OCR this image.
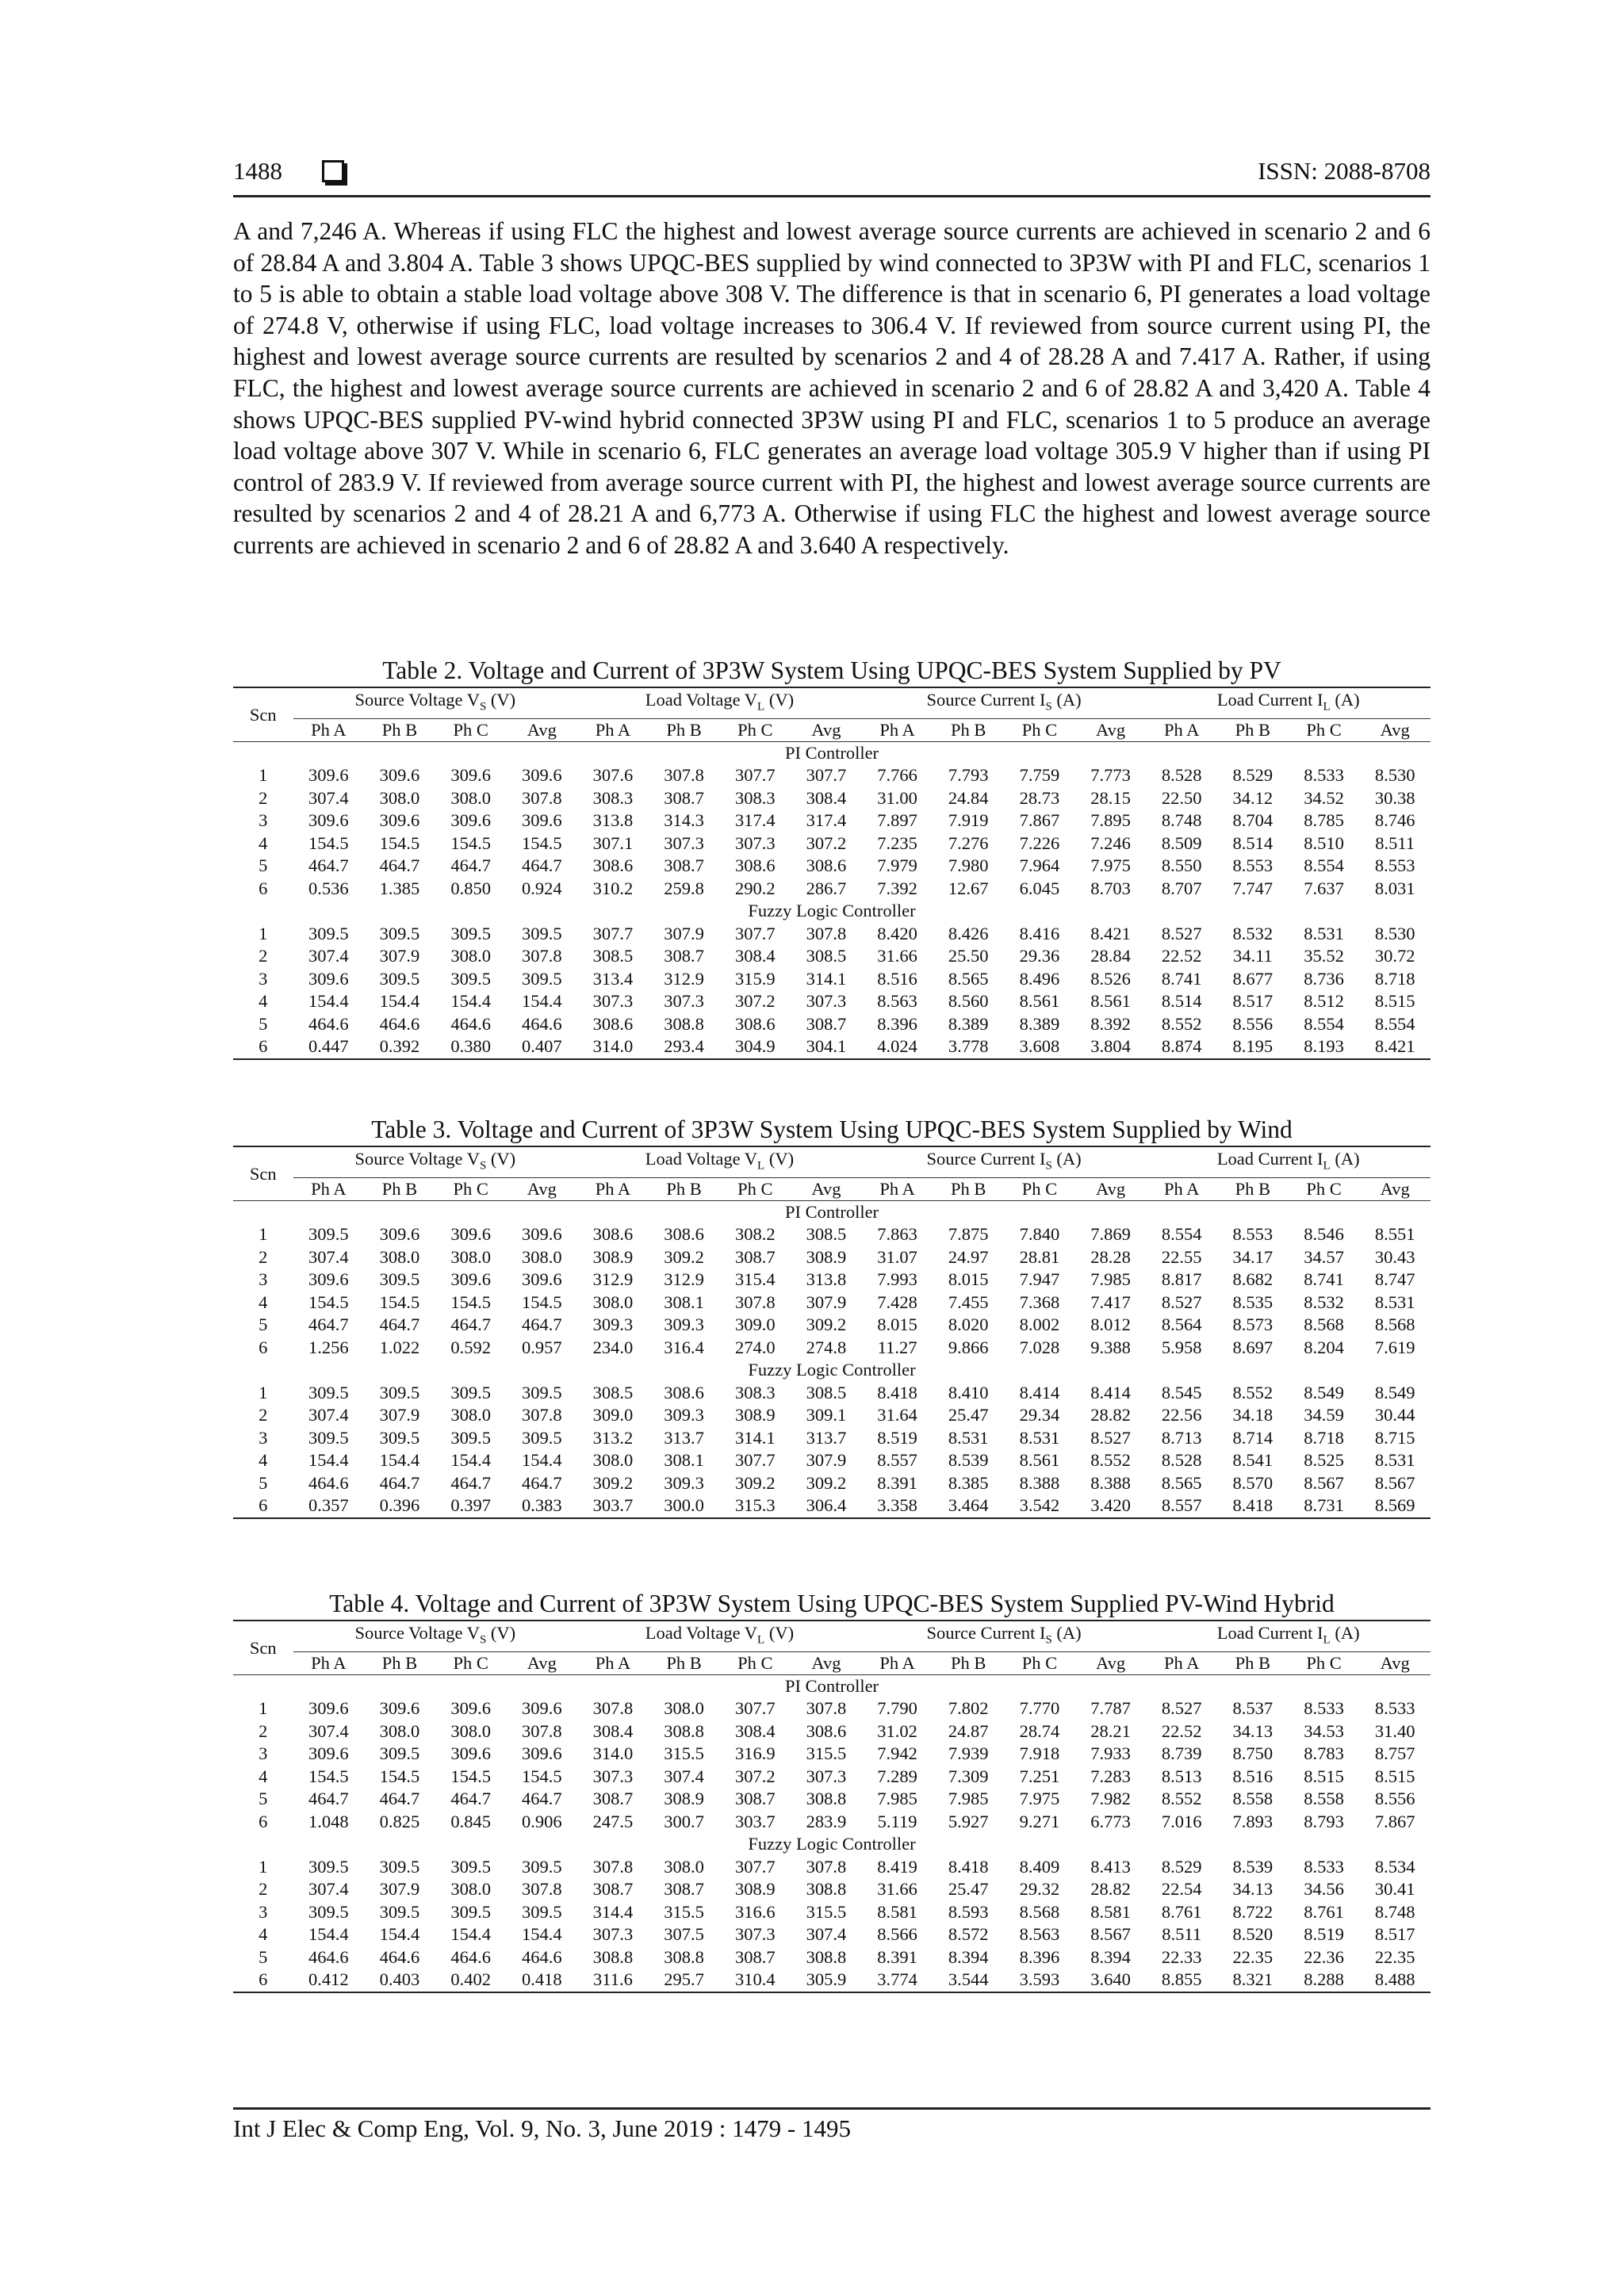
1488	ISSN: 2088-8708

A and 7,246 A. Whereas if using FLC the highest and lowest average source currents are achieved in scenario 2 and 6 of 28.84 A and 3.804 A. Table 3 shows UPQC-BES supplied by wind connected to 3P3W with PI and FLC, scenarios 1 to 5 is able to obtain a stable load voltage above 308 V. The difference is that in scenario 6, PI generates a load voltage of 274.8 V, otherwise if using FLC, load voltage increases to 306.4 V. If reviewed from source current using PI, the highest and lowest average source currents are resulted by scenarios 2 and 4 of 28.28 A and 7.417 A. Rather, if using FLC, the highest and lowest average source currents are achieved in scenario 2 and 6 of 28.82 A and 3,420 A. Table 4 shows UPQC-BES supplied PV-wind hybrid connected 3P3W using PI and FLC, scenarios 1 to 5 produce an average load voltage above 307 V. While in scenario 6, FLC generates an average load voltage 305.9 V higher than if using PI control of 283.9 V. If reviewed from average source current with PI, the highest and lowest average source currents are resulted by scenarios 2 and 4 of 28.21 A and 6,773 A. Otherwise if using FLC the highest and lowest average source currents are achieved in scenario 2 and 6 of 28.82 A and 3.640 A respectively.

Table 2. Voltage and Current of 3P3W System Using UPQC-BES System Supplied by PV

Scn	Source Voltage $V_S$ (V)				Load Voltage $V_L$ (V)				Source Current $I_S$ (A)				Load Current $I_L$ (A)			
	Ph A	Ph B	Ph C	Avg	Ph A	Ph B	Ph C	Avg	Ph A	Ph B	Ph C	Avg	Ph A	Ph B	Ph C	Avg
PI Controller																
1	309.6	309.6	309.6	309.6	307.6	307.8	307.7	307.7	7.766	7.793	7.759	7.773	8.528	8.529	8.533	8.530
2	307.4	308.0	308.0	307.8	308.3	308.7	308.3	308.4	31.00	24.84	28.73	28.15	22.50	34.12	34.52	30.38
3	309.6	309.6	309.6	309.6	313.8	314.3	317.4	317.4	7.897	7.919	7.867	7.895	8.748	8.704	8.785	8.746
4	154.5	154.5	154.5	154.5	307.1	307.3	307.3	307.2	7.235	7.276	7.226	7.246	8.509	8.514	8.510	8.511
5	464.7	464.7	464.7	464.7	308.6	308.7	308.6	308.6	7.979	7.980	7.964	7.975	8.550	8.553	8.554	8.553
6	0.536	1.385	0.850	0.924	310.2	259.8	290.2	286.7	7.392	12.67	6.045	8.703	8.707	7.747	7.637	8.031
Fuzzy Logic Controller																
1	309.5	309.5	309.5	309.5	307.7	307.9	307.7	307.8	8.420	8.426	8.416	8.421	8.527	8.532	8.531	8.530
2	307.4	307.9	308.0	307.8	308.5	308.7	308.4	308.5	31.66	25.50	29.36	28.84	22.52	34.11	35.52	30.72
3	309.6	309.5	309.5	309.5	313.4	312.9	315.9	314.1	8.516	8.565	8.496	8.526	8.741	8.677	8.736	8.718
4	154.4	154.4	154.4	154.4	307.3	307.3	307.2	307.3	8.563	8.560	8.561	8.561	8.514	8.517	8.512	8.515
5	464.6	464.6	464.6	464.6	308.6	308.8	308.6	308.7	8.396	8.389	8.389	8.392	8.552	8.556	8.554	8.554
6	0.447	0.392	0.380	0.407	314.0	293.4	304.9	304.1	4.024	3.778	3.608	3.804	8.874	8.195	8.193	8.421

Table 3. Voltage and Current of 3P3W System Using UPQC-BES System Supplied by Wind

Scn	Source Voltage $V_S$ (V)				Load Voltage $V_L$ (V)				Source Current $I_S$ (A)				Load Current $I_L$ (A)			
	Ph A	Ph B	Ph C	Avg	Ph A	Ph B	Ph C	Avg	Ph A	Ph B	Ph C	Avg	Ph A	Ph B	Ph C	Avg
PI Controller																
1	309.5	309.6	309.6	309.6	308.6	308.6	308.2	308.5	7.863	7.875	7.840	7.869	8.554	8.553	8.546	8.551
2	307.4	308.0	308.0	308.0	308.9	309.2	308.7	308.9	31.07	24.97	28.81	28.28	22.55	34.17	34.57	30.43
3	309.6	309.5	309.6	309.6	312.9	312.9	315.4	313.8	7.993	8.015	7.947	7.985	8.817	8.682	8.741	8.747
4	154.5	154.5	154.5	154.5	308.0	308.1	307.8	307.9	7.428	7.455	7.368	7.417	8.527	8.535	8.532	8.531
5	464.7	464.7	464.7	464.7	309.3	309.3	309.0	309.2	8.015	8.020	8.002	8.012	8.564	8.573	8.568	8.568
6	1.256	1.022	0.592	0.957	234.0	316.4	274.0	274.8	11.27	9.866	7.028	9.388	5.958	8.697	8.204	7.619
Fuzzy Logic Controller																
1	309.5	309.5	309.5	309.5	308.5	308.6	308.3	308.5	8.418	8.410	8.414	8.414	8.545	8.552	8.549	8.549
2	307.4	307.9	308.0	307.8	309.0	309.3	308.9	309.1	31.64	25.47	29.34	28.82	22.56	34.18	34.59	30.44
3	309.5	309.5	309.5	309.5	313.2	313.7	314.1	313.7	8.519	8.531	8.531	8.527	8.713	8.714	8.718	8.715
4	154.4	154.4	154.4	154.4	308.0	308.1	307.7	307.9	8.557	8.539	8.561	8.552	8.528	8.541	8.525	8.531
5	464.6	464.7	464.7	464.7	309.2	309.3	309.2	309.2	8.391	8.385	8.388	8.388	8.565	8.570	8.567	8.567
6	0.357	0.396	0.397	0.383	303.7	300.0	315.3	306.4	3.358	3.464	3.542	3.420	8.557	8.418	8.731	8.569

Table 4. Voltage and Current of 3P3W System Using UPQC-BES System Supplied PV-Wind Hybrid

Scn	Source Voltage $V_S$ (V)				Load Voltage $V_L$ (V)				Source Current $I_S$ (A)				Load Current $I_L$ (A)			
	Ph A	Ph B	Ph C	Avg	Ph A	Ph B	Ph C	Avg	Ph A	Ph B	Ph C	Avg	Ph A	Ph B	Ph C	Avg
PI Controller																
1	309.6	309.6	309.6	309.6	307.8	308.0	307.7	307.8	7.790	7.802	7.770	7.787	8.527	8.537	8.533	8.533
2	307.4	308.0	308.0	307.8	308.4	308.8	308.4	308.6	31.02	24.87	28.74	28.21	22.52	34.13	34.53	31.40
3	309.6	309.5	309.6	309.6	314.0	315.5	316.9	315.5	7.942	7.939	7.918	7.933	8.739	8.750	8.783	8.757
4	154.5	154.5	154.5	154.5	307.3	307.4	307.2	307.3	7.289	7.309	7.251	7.283	8.513	8.516	8.515	8.515
5	464.7	464.7	464.7	464.7	308.7	308.9	308.7	308.8	7.985	7.985	7.975	7.982	8.552	8.558	8.558	8.556
6	1.048	0.825	0.845	0.906	247.5	300.7	303.7	283.9	5.119	5.927	9.271	6.773	7.016	7.893	8.793	7.867
Fuzzy Logic Controller																
1	309.5	309.5	309.5	309.5	307.8	308.0	307.7	307.8	8.419	8.418	8.409	8.413	8.529	8.539	8.533	8.534
2	307.4	307.9	308.0	307.8	308.7	308.7	308.9	308.8	31.66	25.47	29.32	28.82	22.54	34.13	34.56	30.41
3	309.5	309.5	309.5	309.5	314.4	315.5	316.6	315.5	8.581	8.593	8.568	8.581	8.761	8.722	8.761	8.748
4	154.4	154.4	154.4	154.4	307.3	307.5	307.3	307.4	8.566	8.572	8.563	8.567	8.511	8.520	8.519	8.517
5	464.6	464.6	464.6	464.6	308.8	308.8	308.7	308.8	8.391	8.394	8.396	8.394	22.33	22.35	22.36	22.35
6	0.412	0.403	0.402	0.418	311.6	295.7	310.4	305.9	3.774	3.544	3.593	3.640	8.855	8.321	8.288	8.488
Int J Elec & Comp Eng, Vol. 9, No. 3, June 2019 : 1479 - 1495
